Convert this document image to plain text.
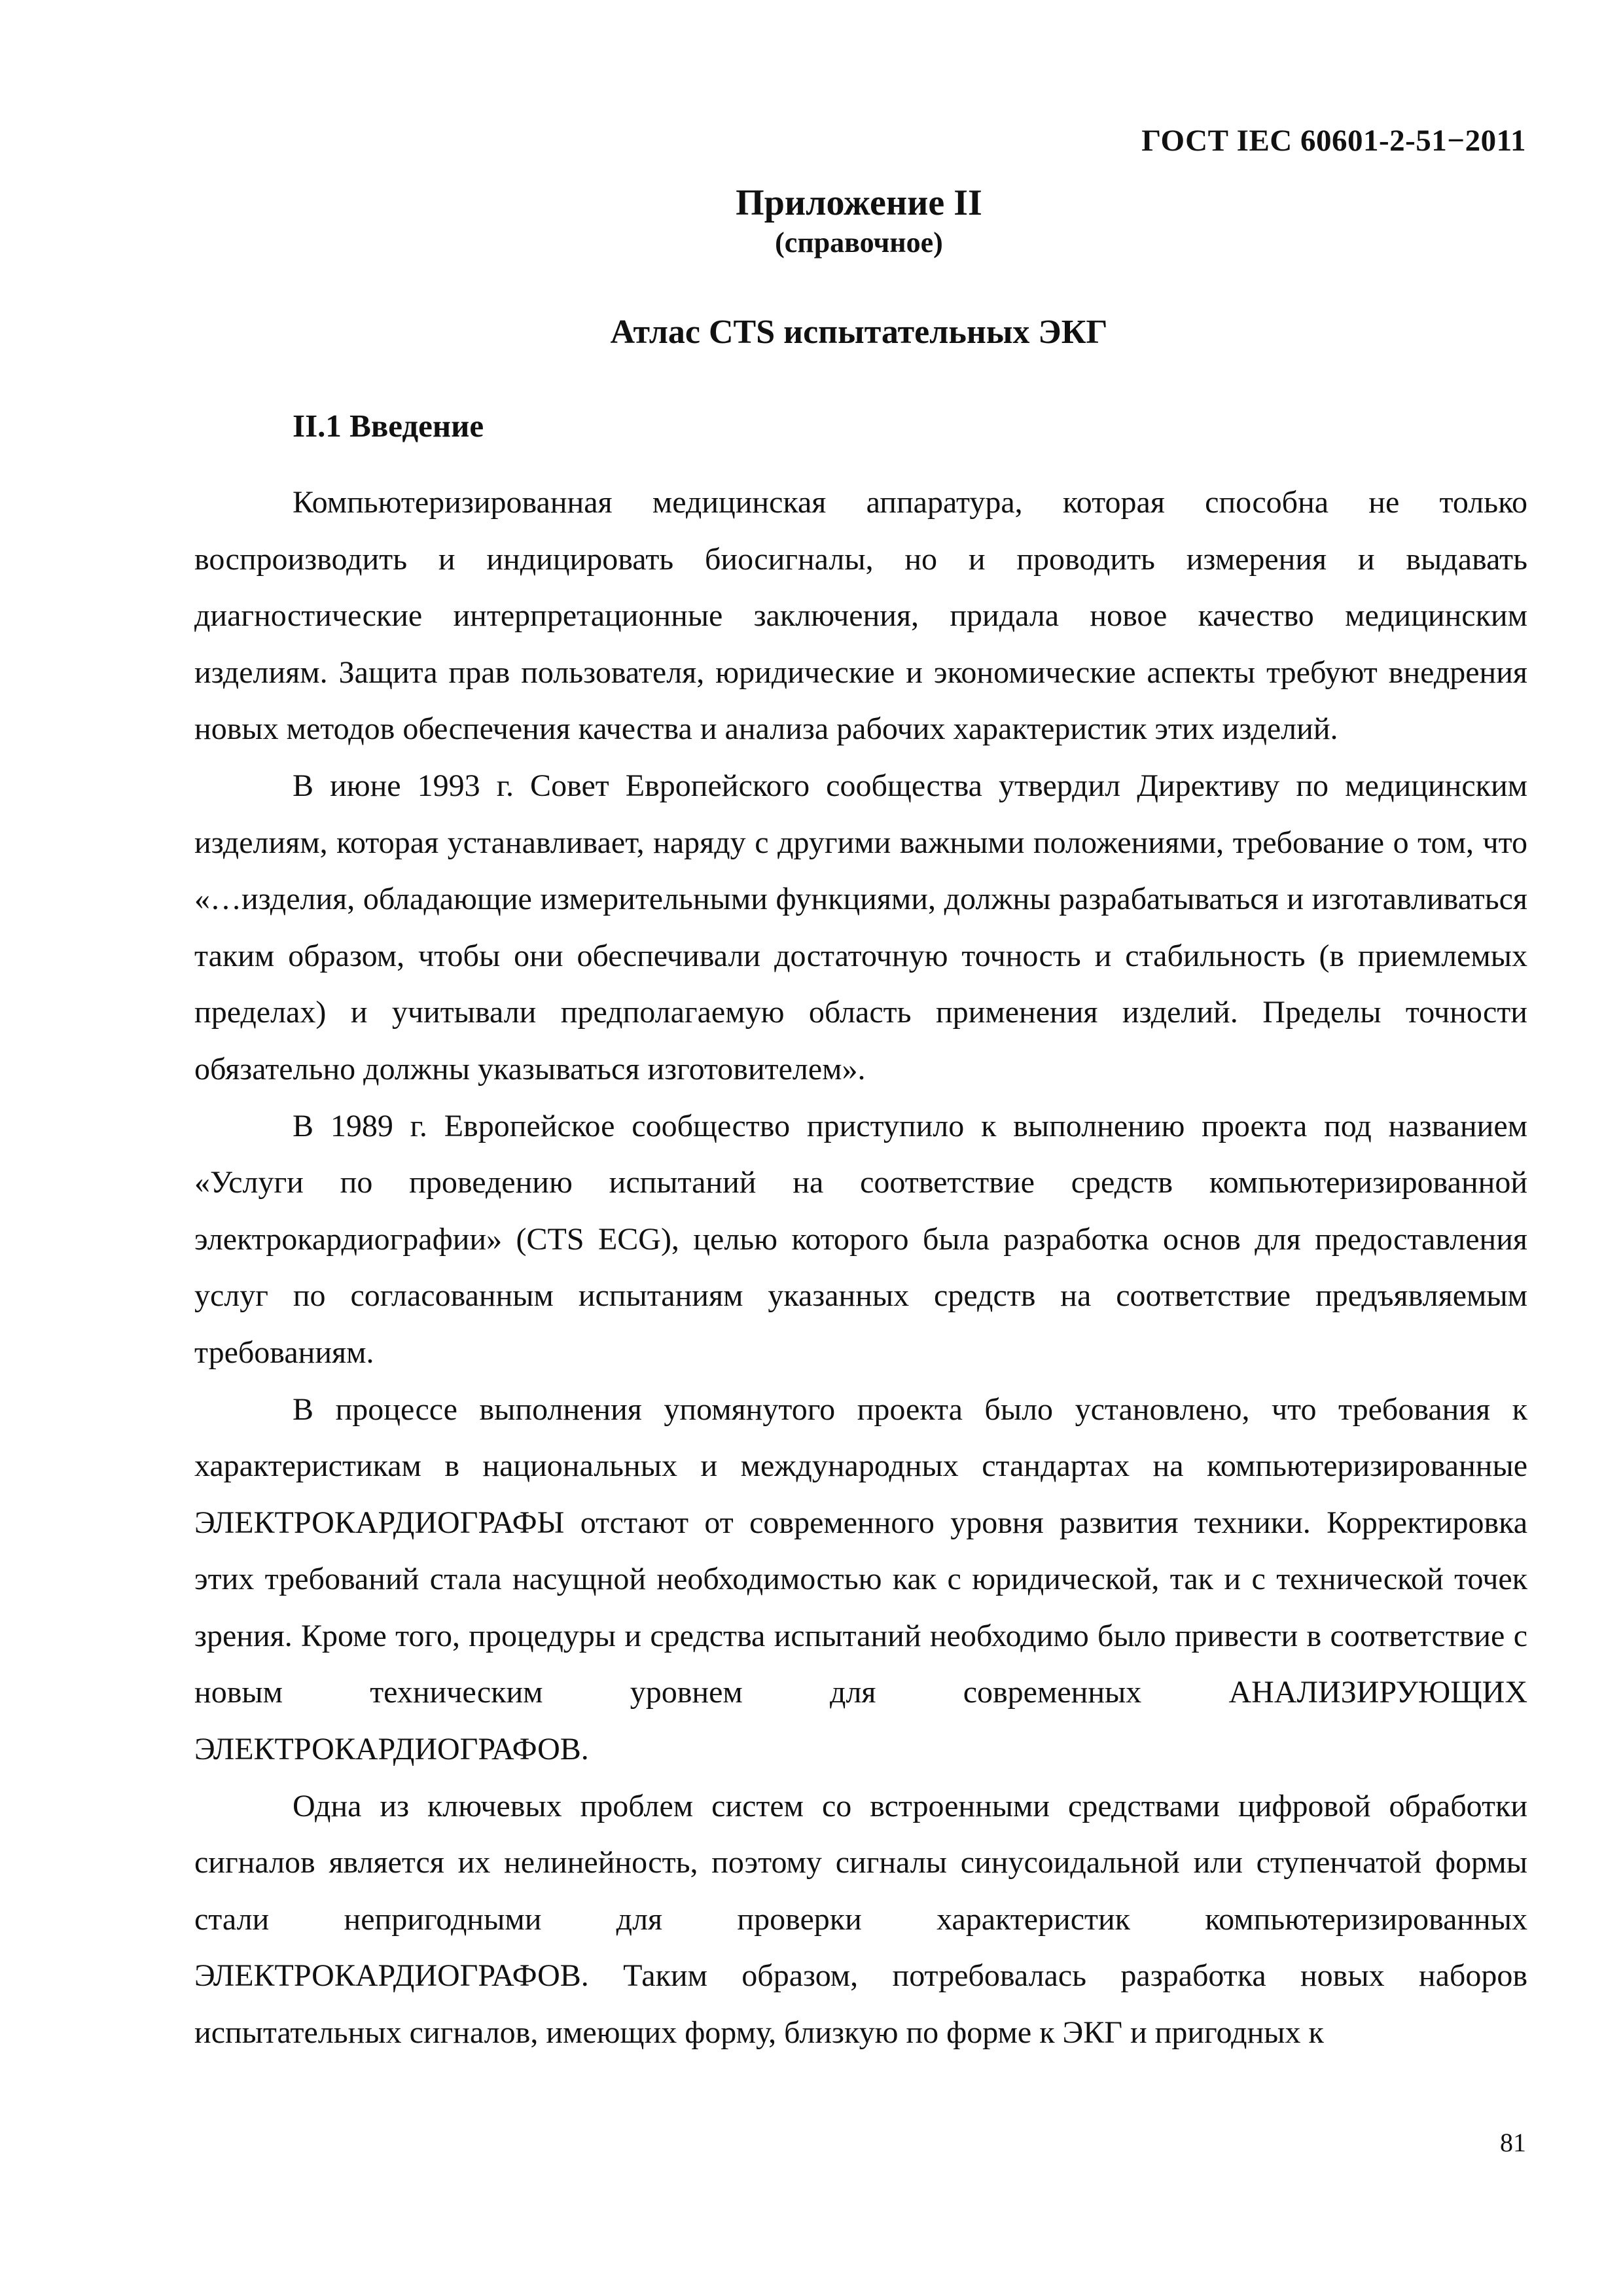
ГОСТ IEC 60601-2-51−2011
Приложение II
(справочное)
Атлас CTS испытательных ЭКГ
II.1 Введение

Компьютеризированная медицинская аппаратура, которая способна не только воспроизводить и индицировать биосигналы, но и проводить измерения и выдавать диагностические интерпретационные заключения, придала новое качество медицинским изделиям. Защита прав пользователя, юридические и экономические аспекты требуют внедрения новых методов обеспечения качества и анализа рабочих характеристик этих изделий.

В июне 1993 г. Совет Европейского сообщества утвердил Директиву по медицинским изделиям, которая устанавливает, наряду с другими важными положениями, требование о том, что «…изделия, обладающие измерительными функциями, должны разрабатываться и изготавливаться таким образом, чтобы они обеспечивали достаточную точность и стабильность (в приемлемых пределах) и учитывали предполагаемую область применения изделий. Пределы точности обязательно должны указываться изготовителем».

В 1989 г. Европейское сообщество приступило к выполнению проекта под названием «Услуги по проведению испытаний на соответствие средств компьютеризированной электрокардиографии» (CTS ECG), целью которого была разработка основ для предоставления услуг по согласованным испытаниям указанных средств на соответствие предъявляемым требованиям.

В процессе выполнения упомянутого проекта было установлено, что требования к характеристикам в национальных и международных стандартах на компьютеризированные ЭЛЕКТРОКАРДИОГРАФЫ отстают от современного уровня развития техники. Корректировка этих требований стала насущной необходимостью как с юридической, так и с технической точек зрения. Кроме того, процедуры и средства испытаний необходимо было привести в соответствие с новым техническим уровнем для современных АНАЛИЗИРУЮЩИХ ЭЛЕКТРОКАРДИОГРАФОВ.

Одна из ключевых проблем систем со встроенными средствами цифровой обработки сигналов является их нелинейность, поэтому сигналы синусоидальной или ступенчатой формы стали непригодными для проверки характеристик компьютеризированных ЭЛЕКТРОКАРДИОГРАФОВ. Таким образом, потребовалась разработка новых наборов испытательных сигналов, имеющих форму, близкую по форме к ЭКГ и пригодных к

81
